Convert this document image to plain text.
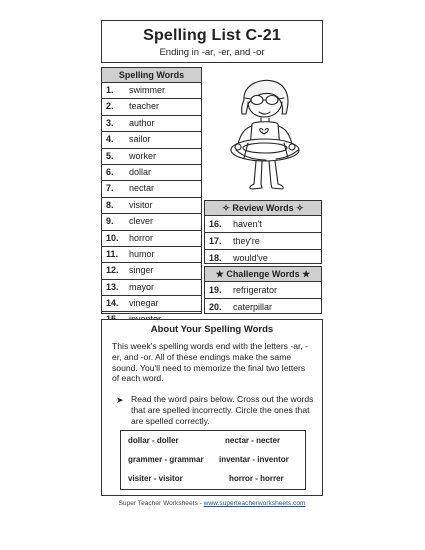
Spelling List C-21
Ending in -ar, -er, and -or
Spelling Words
1. swimmer
2. teacher
3. author
4. sailor
5. worker
6. dollar
7. nectar
8. visitor
9. clever
10. horror
11. humor
12. singer
13. mayor
14. vinegar
✧ Review Words ✧
16. haven't
17. they're
18. would've
★ Challenge Words ★
19. refrigerator
20. caterpillar
About Your Spelling Words
This week's spelling words end with the letters -ar, -er, and -or. All of these endings make the same sound. You'll need to memorize the final two letters of each word.
➤ Read the word pairs below. Cross out the words that are spelled incorrectly. Circle the ones that are spelled correctly.
dollar - doller	nectar - necter
grammer - grammar inventar - inventor
visiter - visitor	horror - horrer
Super Teacher Worksheets - www.superteacherworksheets.com
